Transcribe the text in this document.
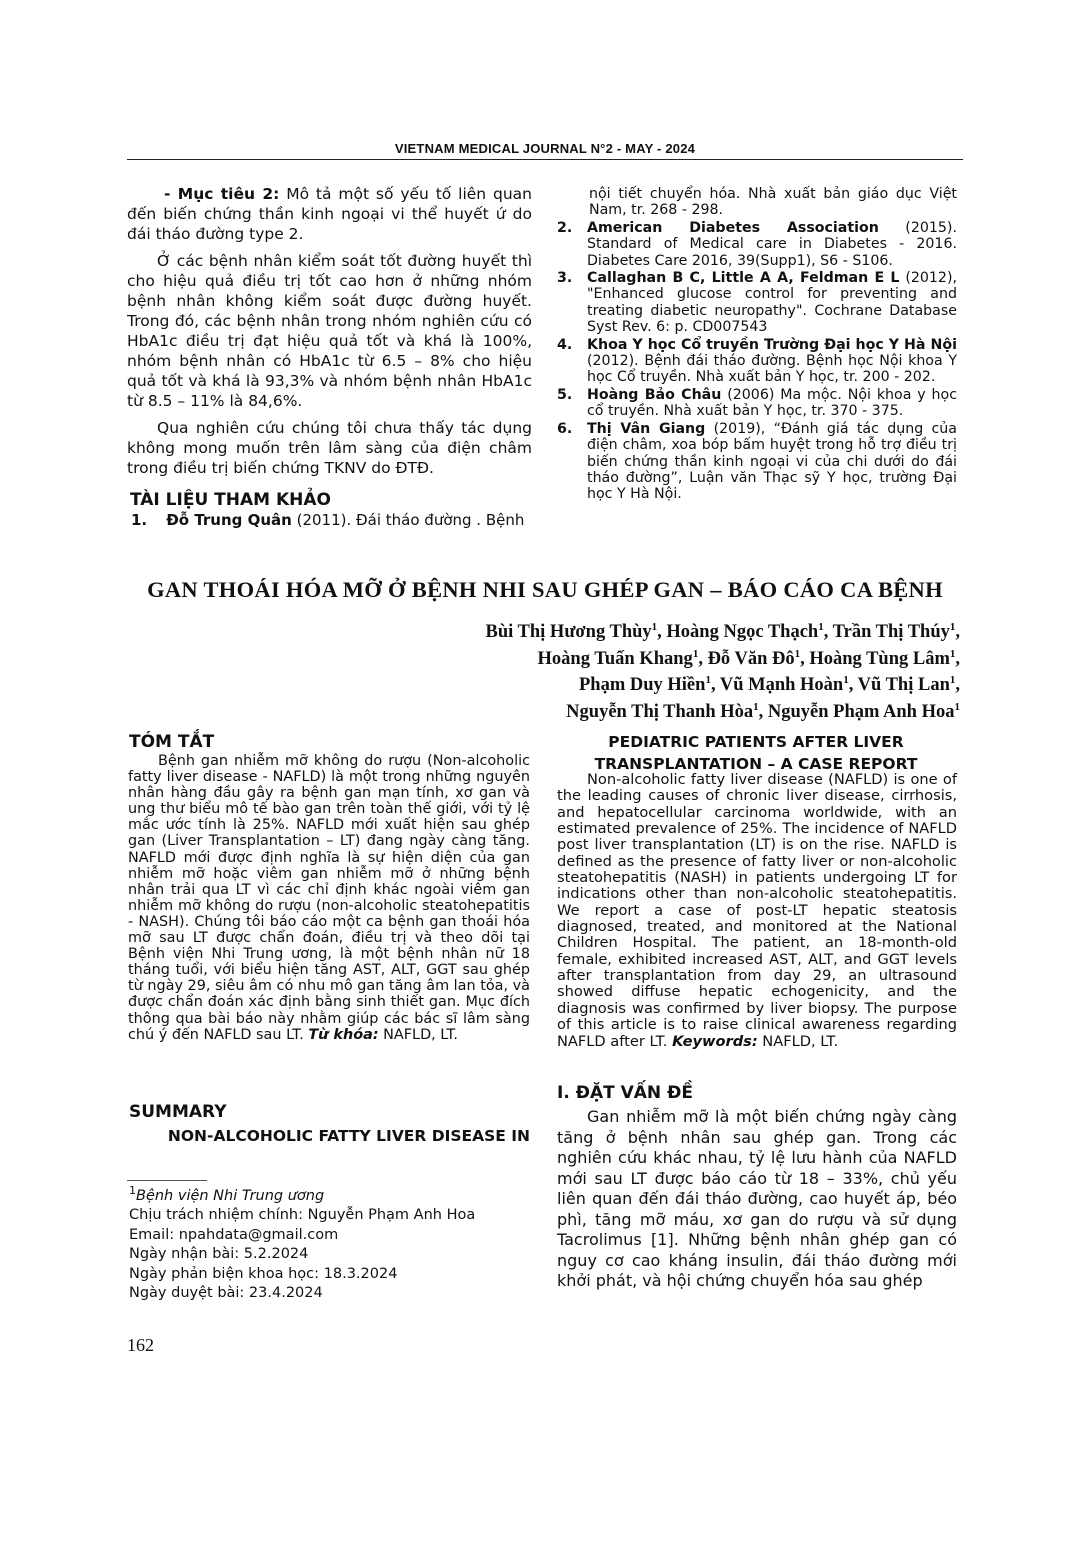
VIETNAM MEDICAL JOURNAL N°2 - MAY - 2024

- Mục tiêu 2: Mô tả một số yếu tố liên quan đến biến chứng thần kinh ngoại vi thể huyết ứ do đái tháo đường type 2.

Ở các bệnh nhân kiểm soát tốt đường huyết thì cho hiệu quả điều trị tốt cao hơn ở những nhóm bệnh nhân không kiểm soát được đường huyết. Trong đó, các bệnh nhân trong nhóm nghiên cứu có HbA1c điều trị đạt hiệu quả tốt và khá là 100%, nhóm bệnh nhân có HbA1c từ 6.5 – 8% cho hiệu quả tốt và khá là 93,3% và nhóm bệnh nhân HbA1c từ 8.5 – 11% là 84,6%.

Qua nghiên cứu chúng tôi chưa thấy tác dụng không mong muốn trên lâm sàng của điện châm trong điều trị biến chứng TKNV do ĐTĐ.

TÀI LIỆU THAM KHẢO
1. Đỗ Trung Quân (2011). Đái tháo đường . Bệnh
nội tiết chuyển hóa. Nhà xuất bản giáo dục Việt Nam, tr. 268 - 298.
2. American Diabetes Association (2015). Standard of Medical care in Diabetes - 2016. Diabetes Care 2016, 39(Supp1), S6 - S106.
3. Callaghan B C, Little A A, Feldman E L (2012), "Enhanced glucose control for preventing and treating diabetic neuropathy". Cochrane Database Syst Rev. 6: p. CD007543
4. Khoa Y học Cổ truyền Trường Đại học Y Hà Nội (2012). Bệnh đái tháo đường. Bệnh học Nội khoa Y học Cổ truyền. Nhà xuất bản Y học, tr. 200 - 202.
5. Hoàng Bảo Châu (2006) Ma mộc. Nội khoa y học cổ truyền. Nhà xuất bản Y học, tr. 370 - 375.
6. Thị Vân Giang (2019), “Đánh giá tác dụng của điện châm, xoa bóp bấm huyệt trong hỗ trợ điều trị biến chứng thần kinh ngoại vi của chi dưới do đái tháo đường”, Luận văn Thạc sỹ Y học, trường Đại học Y Hà Nội.
GAN THOÁI HÓA MỠ Ở BỆNH NHI SAU GHÉP GAN – BÁO CÁO CA BỆNH
Bùi Thị Hương Thùy$^1$, Hoàng Ngọc Thạch$^1$, Trần Thị Thúy$^1$,
Hoàng Tuấn Khang$^1$, Đỗ Văn $Đô^1$, Hoàng Tùng Lâm$^1$,
Phạm Duy Hiền$^1$, Vũ Mạnh Hoàn$^1$, Vũ Thị Lan$^1$,
Nguyễn Thị Thanh Hòa$^1$, Nguyễn Phạm Anh Hoa$^1$
TÓM TẮT

Bệnh gan nhiễm mỡ không do rượu (Non-alcoholic fatty liver disease - NAFLD) là một trong những nguyên nhân hàng đầu gây ra bệnh gan mạn tính, xơ gan và ung thư biểu mô tế bào gan trên toàn thế giới, với tỷ lệ mắc ước tính là 25%. NAFLD mới xuất hiện sau ghép gan (Liver Transplantation – LT) đang ngày càng tăng. NAFLD mới được định nghĩa là sự hiện diện của gan nhiễm mỡ hoặc viêm gan nhiễm mỡ ở những bệnh nhân trải qua LT vì các chỉ định khác ngoài viêm gan nhiễm mỡ không do rượu (non-alcoholic steatohepatitis - NASH). Chúng tôi báo cáo một ca bệnh gan thoái hóa mỡ sau LT được chẩn đoán, điều trị và theo dõi tại Bệnh viện Nhi Trung ương, là một bệnh nhân nữ 18 tháng tuổi, với biểu hiện tăng AST, ALT, GGT sau ghép từ ngày 29, siêu âm có nhu mô gan tăng âm lan tỏa, và được chẩn đoán xác định bằng sinh thiết gan. Mục đích thông qua bài báo này nhằm giúp các bác sĩ lâm sàng chú ý đến NAFLD sau LT. Từ khóa: NAFLD, LT.

SUMMARY
NON-ALCOHOLIC FATTY LIVER DISEASE IN
$^1$Bệnh viện Nhi Trung ương
Chịu trách nhiệm chính: Nguyễn Phạm Anh Hoa
Email: npahdata@gmail.com
Ngày nhận bài: 5.2.2024
Ngày phản biện khoa học: 18.3.2024
Ngày duyệt bài: 23.4.2024
162
PEDIATRIC PATIENTS AFTER LIVER
TRANSPLANTATION – A CASE REPORT

Non-alcoholic fatty liver disease (NAFLD) is one of the leading causes of chronic liver disease, cirrhosis, and hepatocellular carcinoma worldwide, with an estimated prevalence of 25%. The incidence of NAFLD post liver transplantation (LT) is on the rise. NAFLD is defined as the presence of fatty liver or non-alcoholic steatohepatitis (NASH) in patients undergoing LT for indications other than non-alcoholic steatohepatitis. We report a case of post-LT hepatic steatosis diagnosed, treated, and monitored at the National Children Hospital. The patient, an 18-month-old female, exhibited increased AST, ALT, and GGT levels after transplantation from day 29, an ultrasound showed diffuse hepatic echogenicity, and the diagnosis was confirmed by liver biopsy. The purpose of this article is to raise clinical awareness regarding NAFLD after LT. Keywords: NAFLD, LT.

I. ĐẶT VẤN ĐỀ

Gan nhiễm mỡ là một biến chứng ngày càng tăng ở bệnh nhân sau ghép gan. Trong các nghiên cứu khác nhau, tỷ lệ lưu hành của NAFLD mới sau LT được báo cáo từ 18 – 33%, chủ yếu liên quan đến đái tháo đường, cao huyết áp, béo phì, tăng mỡ máu, xơ gan do rượu và sử dụng Tacrolimus [1]. Những bệnh nhân ghép gan có nguy cơ cao kháng insulin, đái tháo đường mới khởi phát, và hội chứng chuyển hóa sau ghép
